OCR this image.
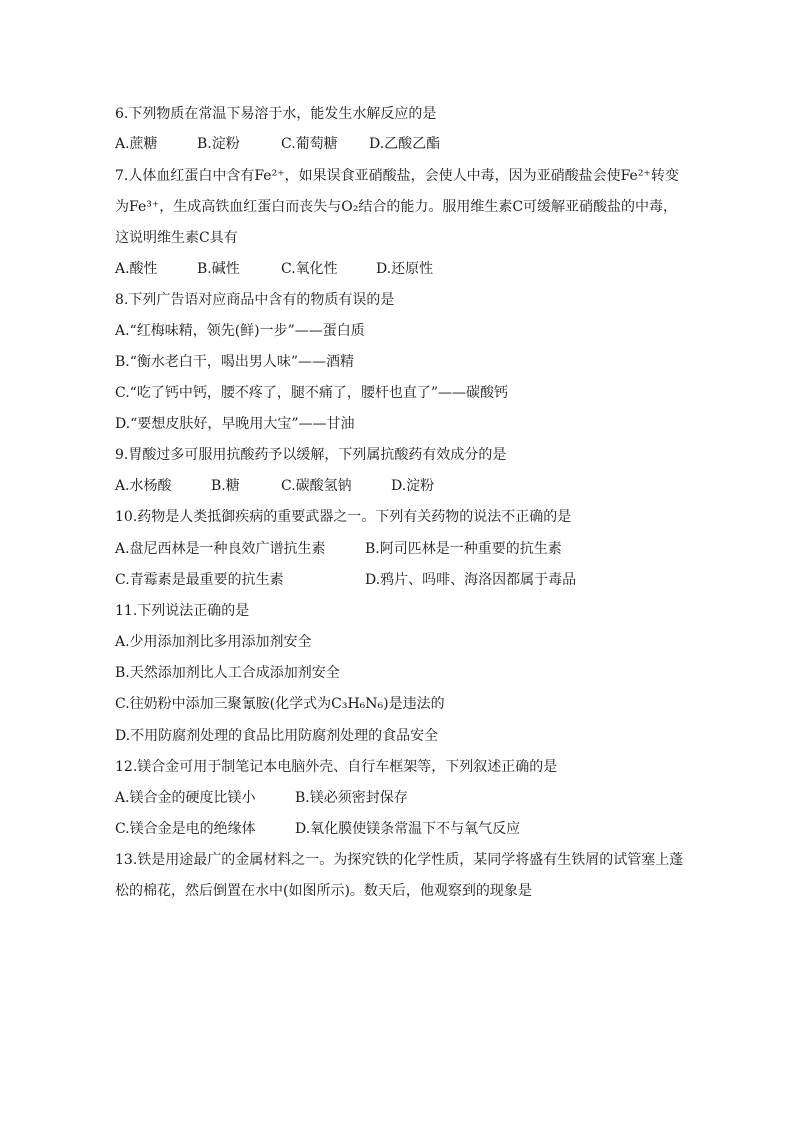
6.下列物质在常温下易溶于水，能发生水解反应的是
A.蔗糖	B.淀粉	C.葡萄糖 D.乙酸乙酯
7.人体血红蛋白中含有Fe²⁺，如果误食亚硝酸盐，会使人中毒，因为亚硝酸盐会使Fe²⁺转变
为Fe³⁺，生成高铁血红蛋白而丧失与O₂结合的能力。服用维生素C可缓解亚硝酸盐的中毒，
这说明维生素C具有
A.酸性	B.碱性	C.氧化性	D.还原性
8.下列广告语对应商品中含有的物质有误的是
A.“红梅味精，领先(鲜)一步”——蛋白质
B.“衡水老白干，喝出男人味”——酒精
C.“吃了钙中钙，腰不疼了，腿不痛了，腰杆也直了”——碳酸钙
D.“要想皮肤好，早晚用大宝”——甘油
9.胃酸过多可服用抗酸药予以缓解，下列属抗酸药有效成分的是
A.水杨酸	B.糖	C.碳酸氢钠	D.淀粉
10.药物是人类抵御疾病的重要武器之一。下列有关药物的说法不正确的是
A.盘尼西林是一种良效广谱抗生素	B.阿司匹林是一种重要的抗生素
C.青霉素是最重要的抗生素	D.鸦片、吗啡、海洛因都属于毒品
11.下列说法正确的是
A.少用添加剂比多用添加剂安全
B.天然添加剂比人工合成添加剂安全
C.往奶粉中添加三聚氰胺(化学式为C₃H₆N₆)是违法的
D.不用防腐剂处理的食品比用防腐剂处理的食品安全
12.镁合金可用于制笔记本电脑外壳、自行车框架等，下列叙述正确的是
A.镁合金的硬度比镁小	B.镁必须密封保存
C.镁合金是电的绝缘体	D.氧化膜使镁条常温下不与氧气反应
13.铁是用途最广的金属材料之一。为探究铁的化学性质，某同学将盛有生铁屑的试管塞上蓬
松的棉花，然后倒置在水中(如图所示)。数天后，他观察到的现象是
